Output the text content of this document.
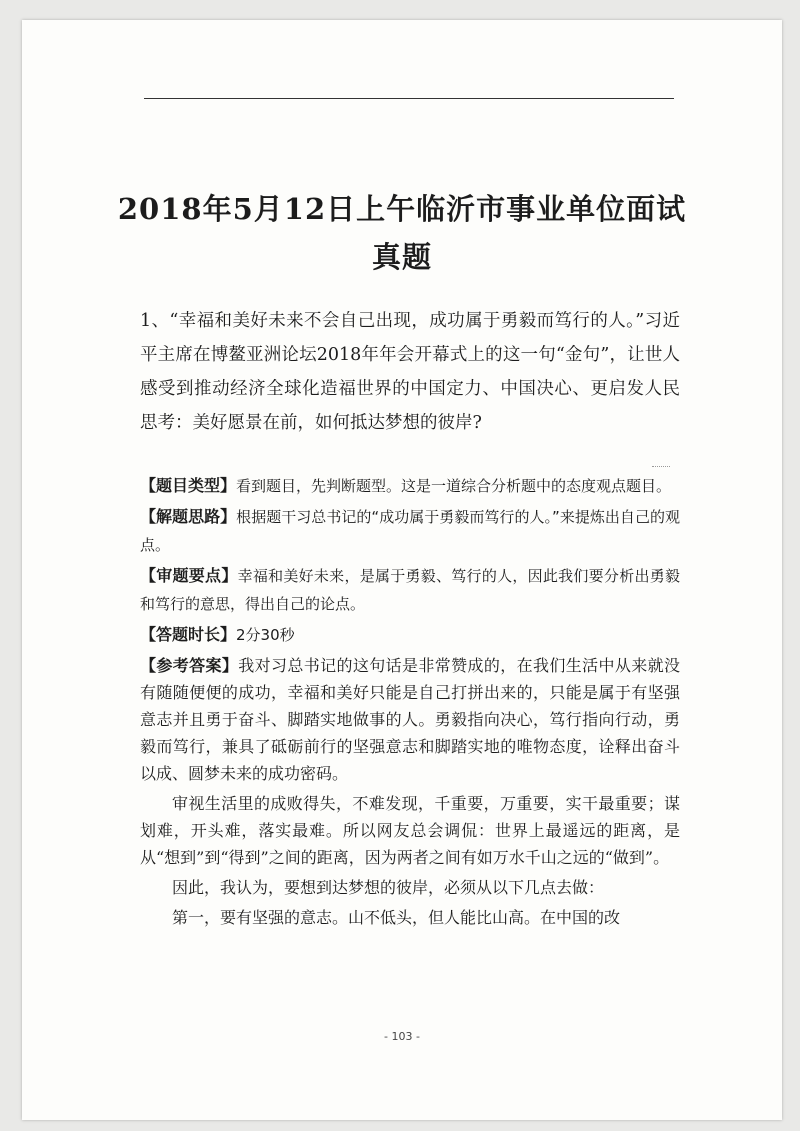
2018年5月12日上午临沂市事业单位面试
真题

1、“幸福和美好未来不会自己出现，成功属于勇毅而笃行的人。”习近平主席在博鳌亚洲论坛2018年年会开幕式上的这一句“金句”，让世人感受到推动经济全球化造福世界的中国定力、中国决心、更启发人民思考：美好愿景在前，如何抵达梦想的彼岸?

【题目类型】看到题目，先判断题型。这是一道综合分析题中的态度观点题目。

【解题思路】根据题干习总书记的“成功属于勇毅而笃行的人。”来提炼出自己的观点。

【审题要点】幸福和美好未来，是属于勇毅、笃行的人，因此我们要分析出勇毅和笃行的意思，得出自己的论点。

【答题时长】2分30秒

【参考答案】我对习总书记的这句话是非常赞成的，在我们生活中从来就没有随随便便的成功，幸福和美好只能是自己打拼出来的，只能是属于有坚强意志并且勇于奋斗、脚踏实地做事的人。勇毅指向决心，笃行指向行动，勇毅而笃行，兼具了砥砺前行的坚强意志和脚踏实地的唯物态度，诠释出奋斗以成、圆梦未来的成功密码。

审视生活里的成败得失，不难发现，千重要，万重要，实干最重要；谋划难，开头难，落实最难。所以网友总会调侃：世界上最遥远的距离，是从“想到”到“得到”之间的距离，因为两者之间有如万水千山之远的“做到”。

因此，我认为，要想到达梦想的彼岸，必须从以下几点去做：

第一，要有坚强的意志。山不低头，但人能比山高。在中国的改

- 103 -
